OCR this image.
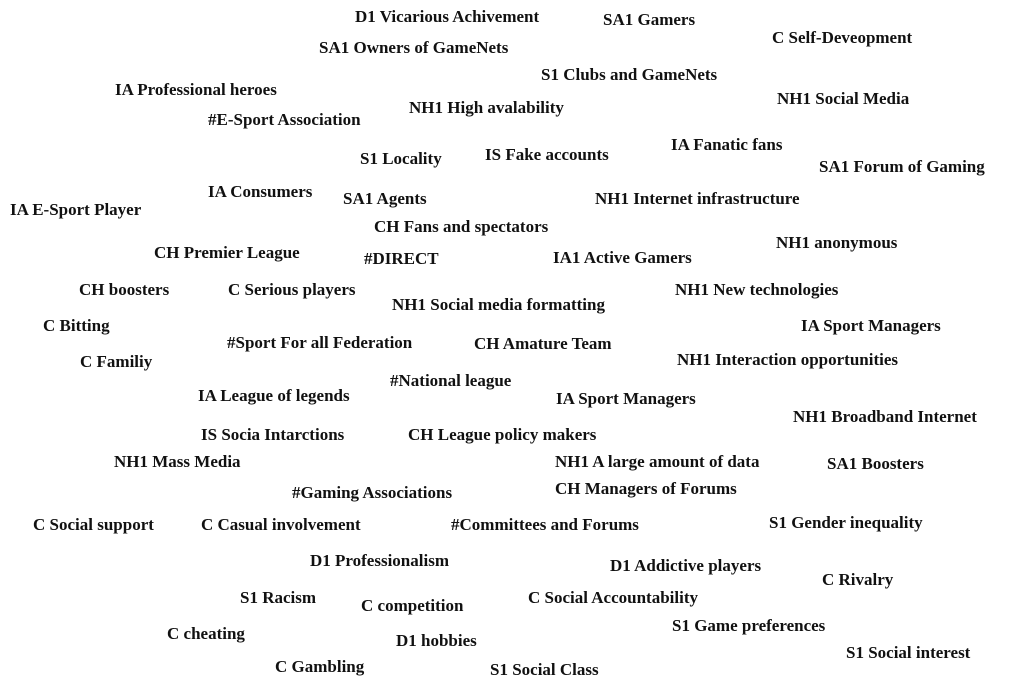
D1 Vicarious Achivement	SA1 Gamers
C Self-Deveopment
SA1 Owners of GameNets
S1 Clubs and GameNets
IA Professional heroes	NH1 Social Media
NH1 High avalability
#E-Sport Association
IA Fanatic fans
IS Fake accounts
S1 Locality	SA1 Forum of Gaming
IA Consumers SA1 Agents	NH1 Internet infrastructure
IA E-Sport Player
CH Fans and spectators
NH1 anonymous
CH Premier League	#DIRECT	IA1 Active Gamers
CH boosters	C Serious players	NH1 New technologies
NH1 Social media formatting
C Bitting	IA Sport Managers
#Sport For all Federation	CH Amature Team
C Familiy	NH1 Interaction opportunities
#National league
IA League of legends	IA Sport Managers
NH1 Broadband Internet
IS Socia Intarctions	CH League policy makers
NH1 Mass Media	NH1 A large amount of data	SA1 Boosters
#Gaming Associations	CH Managers of Forums
C Social support	C Casual involvement	#Committees and Forums	S1 Gender inequality
D1 Professionalism	D1 Addictive players
C Rivalry
S1 Racism	C competition	C Social Accountability
C cheating	D1 hobbies
S1 Game preferences
S1 Social interest
C Gambling	S1 Social Class
